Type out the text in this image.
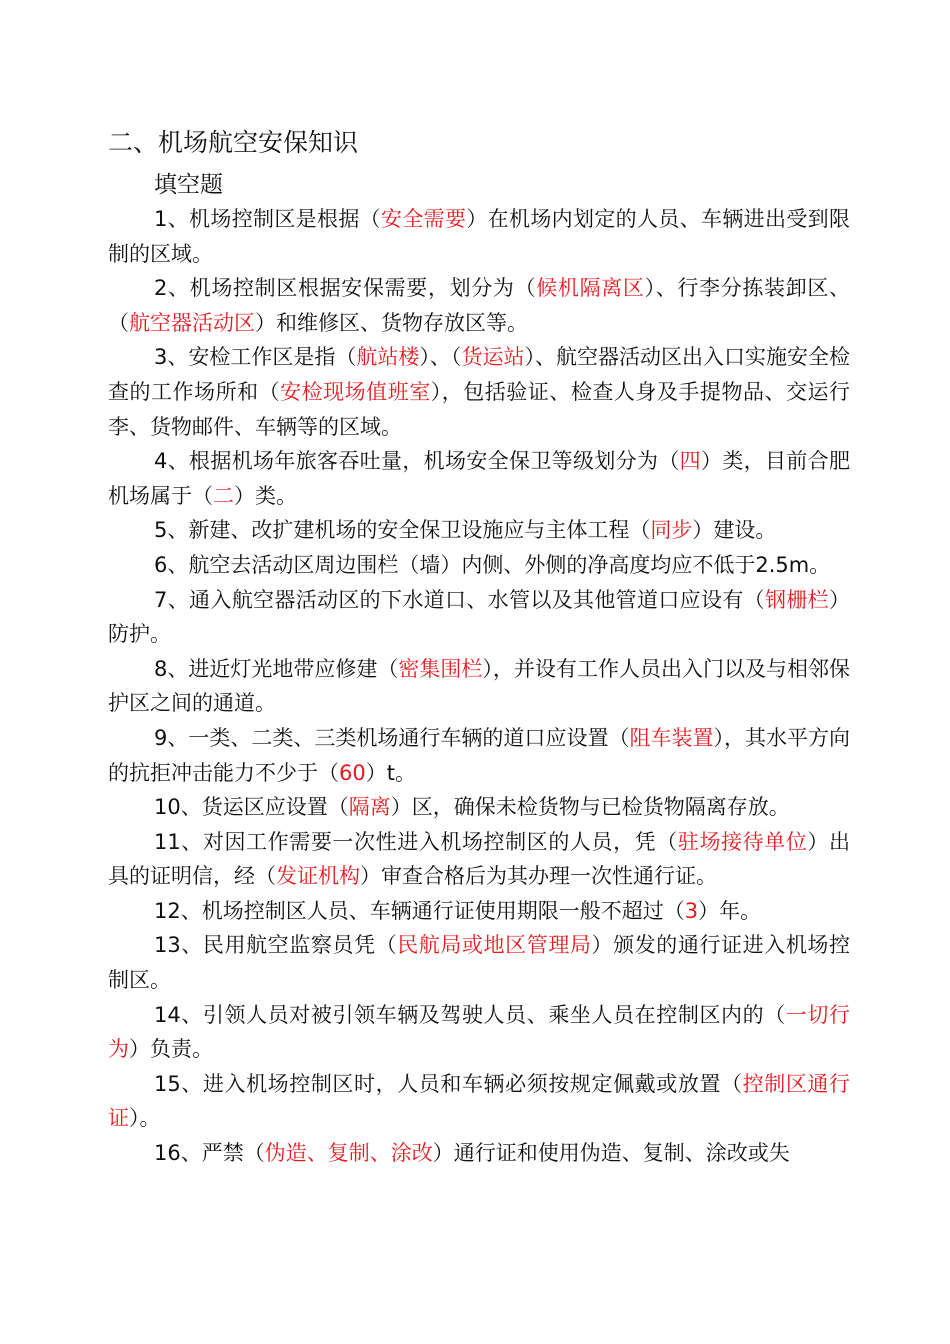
二、机场航空安保知识
填空题

1、机场控制区是根据（安全需要）在机场内划定的人员、车辆进出受到限制的区域。

2、机场控制区根据安保需要，划分为（候机隔离区）、行李分拣装卸区、（航空器活动区）和维修区、货物存放区等。

3、安检工作区是指（航站楼）、（货运站）、航空器活动区出入口实施安全检查的工作场所和（安检现场值班室），包括验证、检查人身及手提物品、交运行李、货物邮件、车辆等的区域。

4、根据机场年旅客吞吐量，机场安全保卫等级划分为（四）类，目前合肥机场属于（二）类。

5、新建、改扩建机场的安全保卫设施应与主体工程（同步）建设。

6、航空去活动区周边围栏（墙）内侧、外侧的净高度均应不低于2.5m。

7、通入航空器活动区的下水道口、水管以及其他管道口应设有（钢栅栏）防护。

8、进近灯光地带应修建（密集围栏），并设有工作人员出入门以及与相邻保护区之间的通道。

9、一类、二类、三类机场通行车辆的道口应设置（阻车装置），其水平方向的抗拒冲击能力不少于（60）t。

10、货运区应设置（隔离）区，确保未检货物与已检货物隔离存放。

11、对因工作需要一次性进入机场控制区的人员，凭（驻场接待单位）出具的证明信，经（发证机构）审查合格后为其办理一次性通行证。

12、机场控制区人员、车辆通行证使用期限一般不超过（3）年。

13、民用航空监察员凭（民航局或地区管理局）颁发的通行证进入机场控制区。

14、引领人员对被引领车辆及驾驶人员、乘坐人员在控制区内的（一切行为）负责。

15、进入机场控制区时，人员和车辆必须按规定佩戴或放置（控制区通行证）。

16、严禁（伪造、复制、涂改）通行证和使用伪造、复制、涂改或失
